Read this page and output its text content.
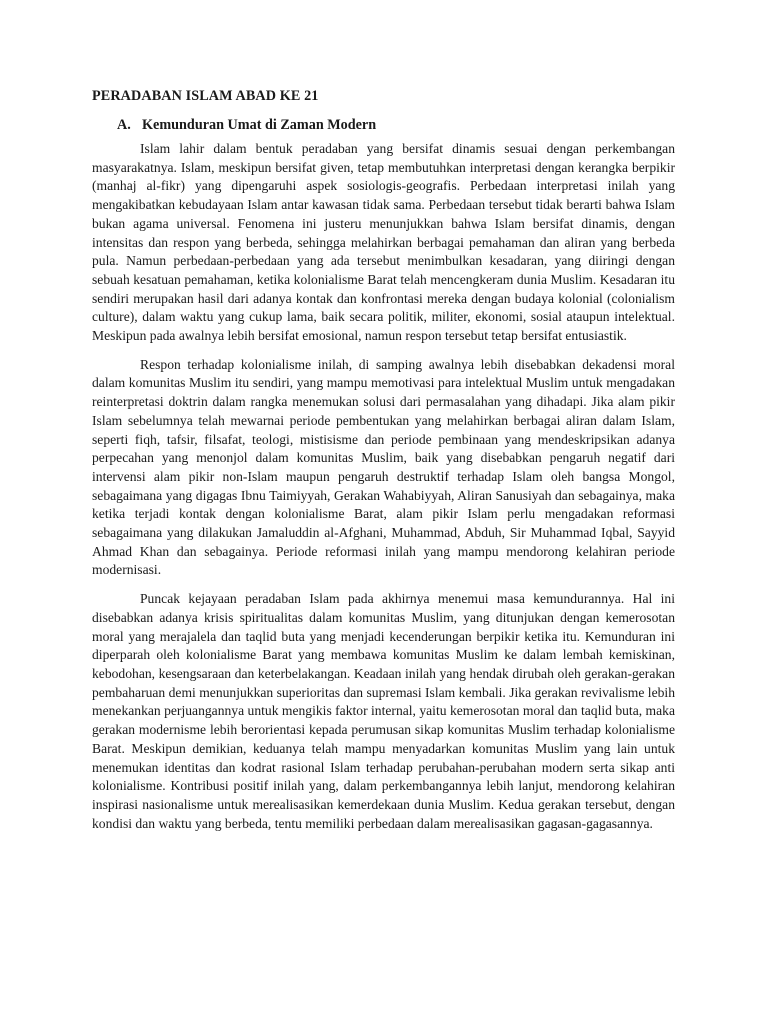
PERADABAN ISLAM ABAD KE 21
A. Kemunduran Umat di Zaman Modern

Islam lahir dalam bentuk peradaban yang bersifat dinamis sesuai dengan perkembangan masyarakatnya. Islam, meskipun bersifat given, tetap membutuhkan interpretasi dengan kerangka berpikir (manhaj al-fikr) yang dipengaruhi aspek sosiologis-geografis. Perbedaan interpretasi inilah yang mengakibatkan kebudayaan Islam antar kawasan tidak sama. Perbedaan tersebut tidak berarti bahwa Islam bukan agama universal. Fenomena ini justeru menunjukkan bahwa Islam bersifat dinamis, dengan intensitas dan respon yang berbeda, sehingga melahirkan berbagai pemahaman dan aliran yang berbeda pula. Namun perbedaan-perbedaan yang ada tersebut menimbulkan kesadaran, yang diiringi dengan sebuah kesatuan pemahaman, ketika kolonialisme Barat telah mencengkeram dunia Muslim. Kesadaran itu sendiri merupakan hasil dari adanya kontak dan konfrontasi mereka dengan budaya kolonial (colonialism culture), dalam waktu yang cukup lama, baik secara politik, militer, ekonomi, sosial ataupun intelektual. Meskipun pada awalnya lebih bersifat emosional, namun respon tersebut tetap bersifat entusiastik.

Respon terhadap kolonialisme inilah, di samping awalnya lebih disebabkan dekadensi moral dalam komunitas Muslim itu sendiri, yang mampu memotivasi para intelektual Muslim untuk mengadakan reinterpretasi doktrin dalam rangka menemukan solusi dari permasalahan yang dihadapi. Jika alam pikir Islam sebelumnya telah mewarnai periode pembentukan yang melahirkan berbagai aliran dalam Islam, seperti fiqh, tafsir, filsafat, teologi, mistisisme dan periode pembinaan yang mendeskripsikan adanya perpecahan yang menonjol dalam komunitas Muslim, baik yang disebabkan pengaruh negatif dari intervensi alam pikir non-Islam maupun pengaruh destruktif terhadap Islam oleh bangsa Mongol, sebagaimana yang digagas Ibnu Taimiyyah, Gerakan Wahabiyyah, Aliran Sanusiyah dan sebagainya, maka ketika terjadi kontak dengan kolonialisme Barat, alam pikir Islam perlu mengadakan reformasi sebagaimana yang dilakukan Jamaluddin al-Afghani, Muhammad, Abduh, Sir Muhammad Iqbal, Sayyid Ahmad Khan dan sebagainya. Periode reformasi inilah yang mampu mendorong kelahiran periode modernisasi.

Puncak kejayaan peradaban Islam pada akhirnya menemui masa kemundurannya. Hal ini disebabkan adanya krisis spiritualitas dalam komunitas Muslim, yang ditunjukan dengan kemerosotan moral yang merajalela dan taqlid buta yang menjadi kecenderungan berpikir ketika itu. Kemunduran ini diperparah oleh kolonialisme Barat yang membawa komunitas Muslim ke dalam lembah kemiskinan, kebodohan, kesengsaraan dan keterbelakangan. Keadaan inilah yang hendak dirubah oleh gerakan-gerakan pembaharuan demi menunjukkan superioritas dan supremasi Islam kembali. Jika gerakan revivalisme lebih menekankan perjuangannya untuk mengikis faktor internal, yaitu kemerosotan moral dan taqlid buta, maka gerakan modernisme lebih berorientasi kepada perumusan sikap komunitas Muslim terhadap kolonialisme Barat. Meskipun demikian, keduanya telah mampu menyadarkan komunitas Muslim yang lain untuk menemukan identitas dan kodrat rasional Islam terhadap perubahan-perubahan modern serta sikap anti kolonialisme. Kontribusi positif inilah yang, dalam perkembangannya lebih lanjut, mendorong kelahiran inspirasi nasionalisme untuk merealisasikan kemerdekaan dunia Muslim. Kedua gerakan tersebut, dengan kondisi dan waktu yang berbeda, tentu memiliki perbedaan dalam merealisasikan gagasan-gagasannya.
